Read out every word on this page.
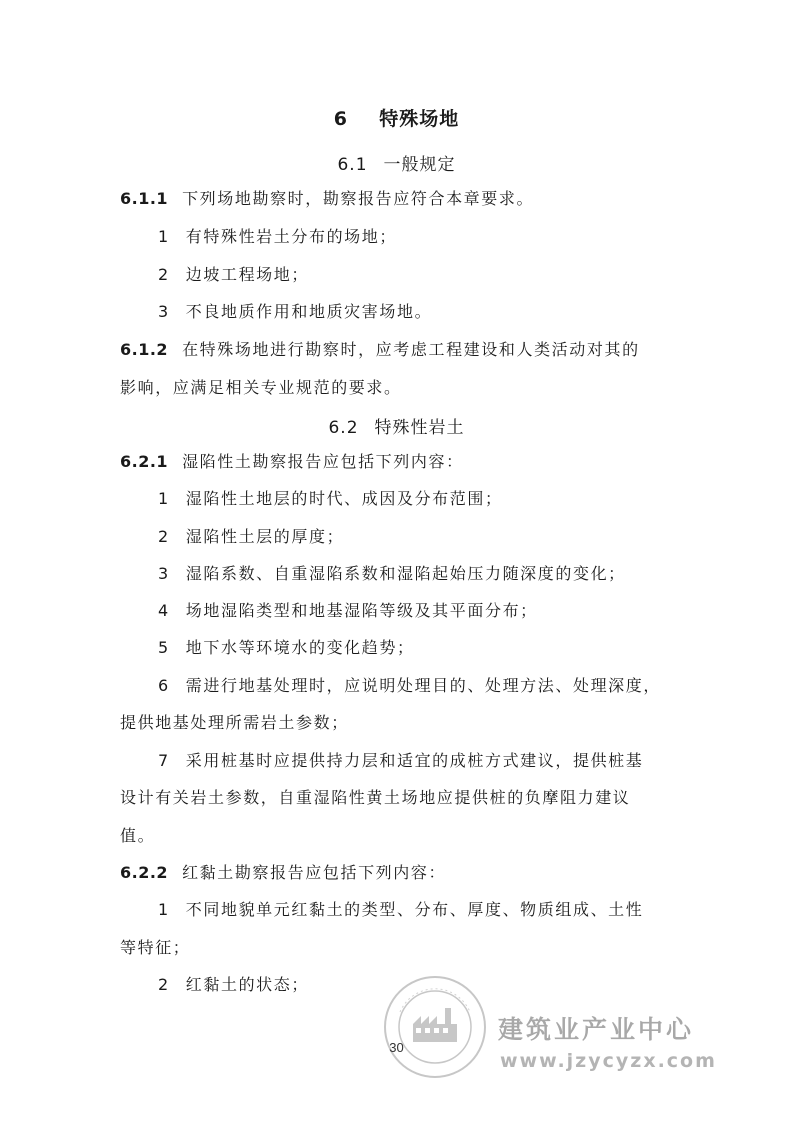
6 特殊场地
6.1 一般规定
6.1.1 下列场地勘察时，勘察报告应符合本章要求。
1 有特殊性岩土分布的场地；
2 边坡工程场地；
3 不良地质作用和地质灾害场地。
6.1.2 在特殊场地进行勘察时，应考虑工程建设和人类活动对其的
影响，应满足相关专业规范的要求。
6.2 特殊性岩土
6.2.1 湿陷性土勘察报告应包括下列内容：
1 湿陷性土地层的时代、成因及分布范围；
2 湿陷性土层的厚度；
3 湿陷系数、自重湿陷系数和湿陷起始压力随深度的变化；
4 场地湿陷类型和地基湿陷等级及其平面分布；
5 地下水等环境水的变化趋势；
6 需进行地基处理时，应说明处理目的、处理方法、处理深度，
提供地基处理所需岩土参数；
7 采用桩基时应提供持力层和适宜的成桩方式建议，提供桩基
设计有关岩土参数，自重湿陷性黄土场地应提供桩的负摩阻力建议
值。
6.2.2 红黏土勘察报告应包括下列内容：
1 不同地貌单元红黏土的类型、分布、厚度、物质组成、土性
等特征；
2 红黏土的状态；
建筑业产业中心
www.jzycyzx.com
30
